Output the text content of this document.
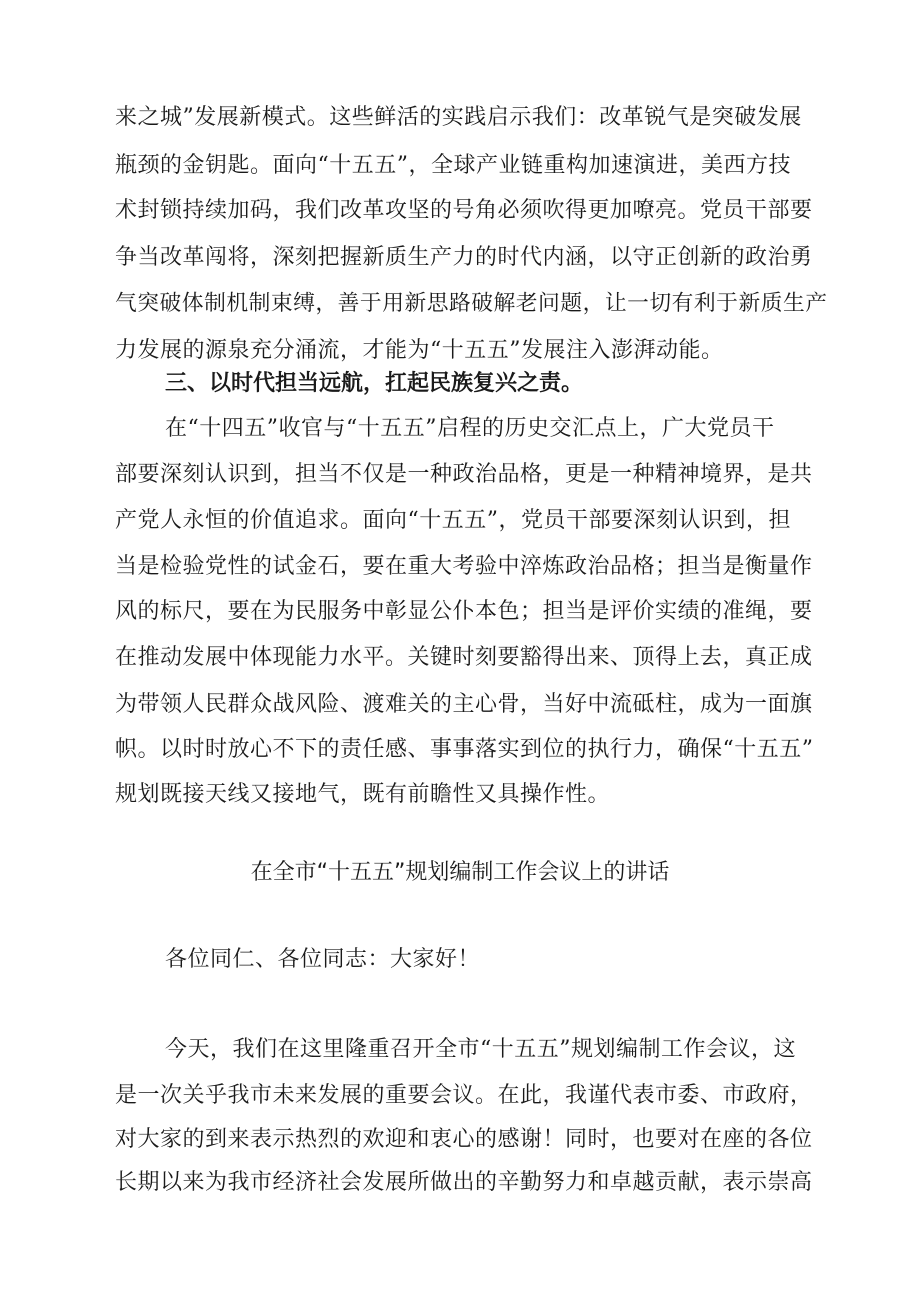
来之城”发展新模式。这些鲜活的实践启示我们：改革锐气是突破发展
瓶颈的金钥匙。面向“十五五”，全球产业链重构加速演进，美西方技
术封锁持续加码，我们改革攻坚的号角必须吹得更加嘹亮。党员干部要
争当改革闯将，深刻把握新质生产力的时代内涵，以守正创新的政治勇
气突破体制机制束缚，善于用新思路破解老问题，让一切有利于新质生产
力发展的源泉充分涌流，才能为“十五五”发展注入澎湃动能。
三、以时代担当远航，扛起民族复兴之责。
在“十四五”收官与“十五五”启程的历史交汇点上，广大党员干
部要深刻认识到，担当不仅是一种政治品格，更是一种精神境界，是共
产党人永恒的价值追求。面向“十五五”，党员干部要深刻认识到，担
当是检验党性的试金石，要在重大考验中淬炼政治品格；担当是衡量作
风的标尺，要在为民服务中彰显公仆本色；担当是评价实绩的准绳，要
在推动发展中体现能力水平。关键时刻要豁得出来、顶得上去，真正成
为带领人民群众战风险、渡难关的主心骨，当好中流砥柱，成为一面旗
帜。以时时放心不下的责任感、事事落实到位的执行力，确保“十五五”
规划既接天线又接地气，既有前瞻性又具操作性。
在全市“十五五”规划编制工作会议上的讲话
各位同仁、各位同志：大家好！
今天，我们在这里隆重召开全市“十五五”规划编制工作会议，这
是一次关乎我市未来发展的重要会议。在此，我谨代表市委、市政府，
对大家的到来表示热烈的欢迎和衷心的感谢！同时，也要对在座的各位
长期以来为我市经济社会发展所做出的辛勤努力和卓越贡献，表示崇高
